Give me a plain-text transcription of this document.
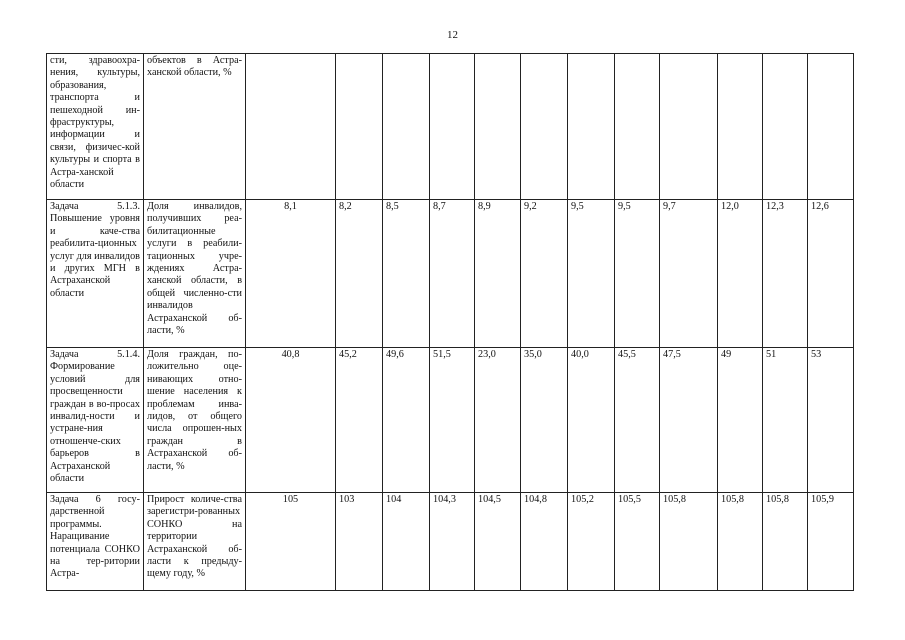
12
сти, здравоохра-нения, культуры, образования, транспорта и пешеходной ин-фраструктуры, информации и связи, физичес-кой культуры и спорта в Астра-ханской области	объектов в Астра-ханской области, %												
Задача 5.1.3. Повышение уровня и каче-ства реабилита-ционных услуг для инвалидов и других МГН в Астраханской области	Доля инвалидов, получивших реа-билитационные услуги в реабили-тационных учре-ждениях Астра-ханской области, в общей численно-сти инвалидов Астраханской об-ласти, %	8,1	8,2	8,5	8,7	8,9	9,2	9,5	9,5	9,7	12,0	12,3	12,6
Задача 5.1.4. Формирование условий для просвещенности граждан в во-просах инвалид-ности и устране-ния отношенче-ских барьеров в Астраханской области	Доля граждан, по-ложительно оце-нивающих отно-шение населения к проблемам инва-лидов, от общего числа опрошен-ных граждан в Астраханской об-ласти, %	40,8	45,2	49,6	51,5	23,0	35,0	40,0	45,5	47,5	49	51	53
Задача 6 госу-дарственной программы. Наращивание потенциала СОНКО на тер-ритории Астра-	Прирост количе-ства зарегистри-рованных СОНКО на территории Астраханской об-ласти к предыду-щему году, %	105	103	104	104,3	104,5	104,8	105,2	105,5	105,8	105,8	105,8	105,9
